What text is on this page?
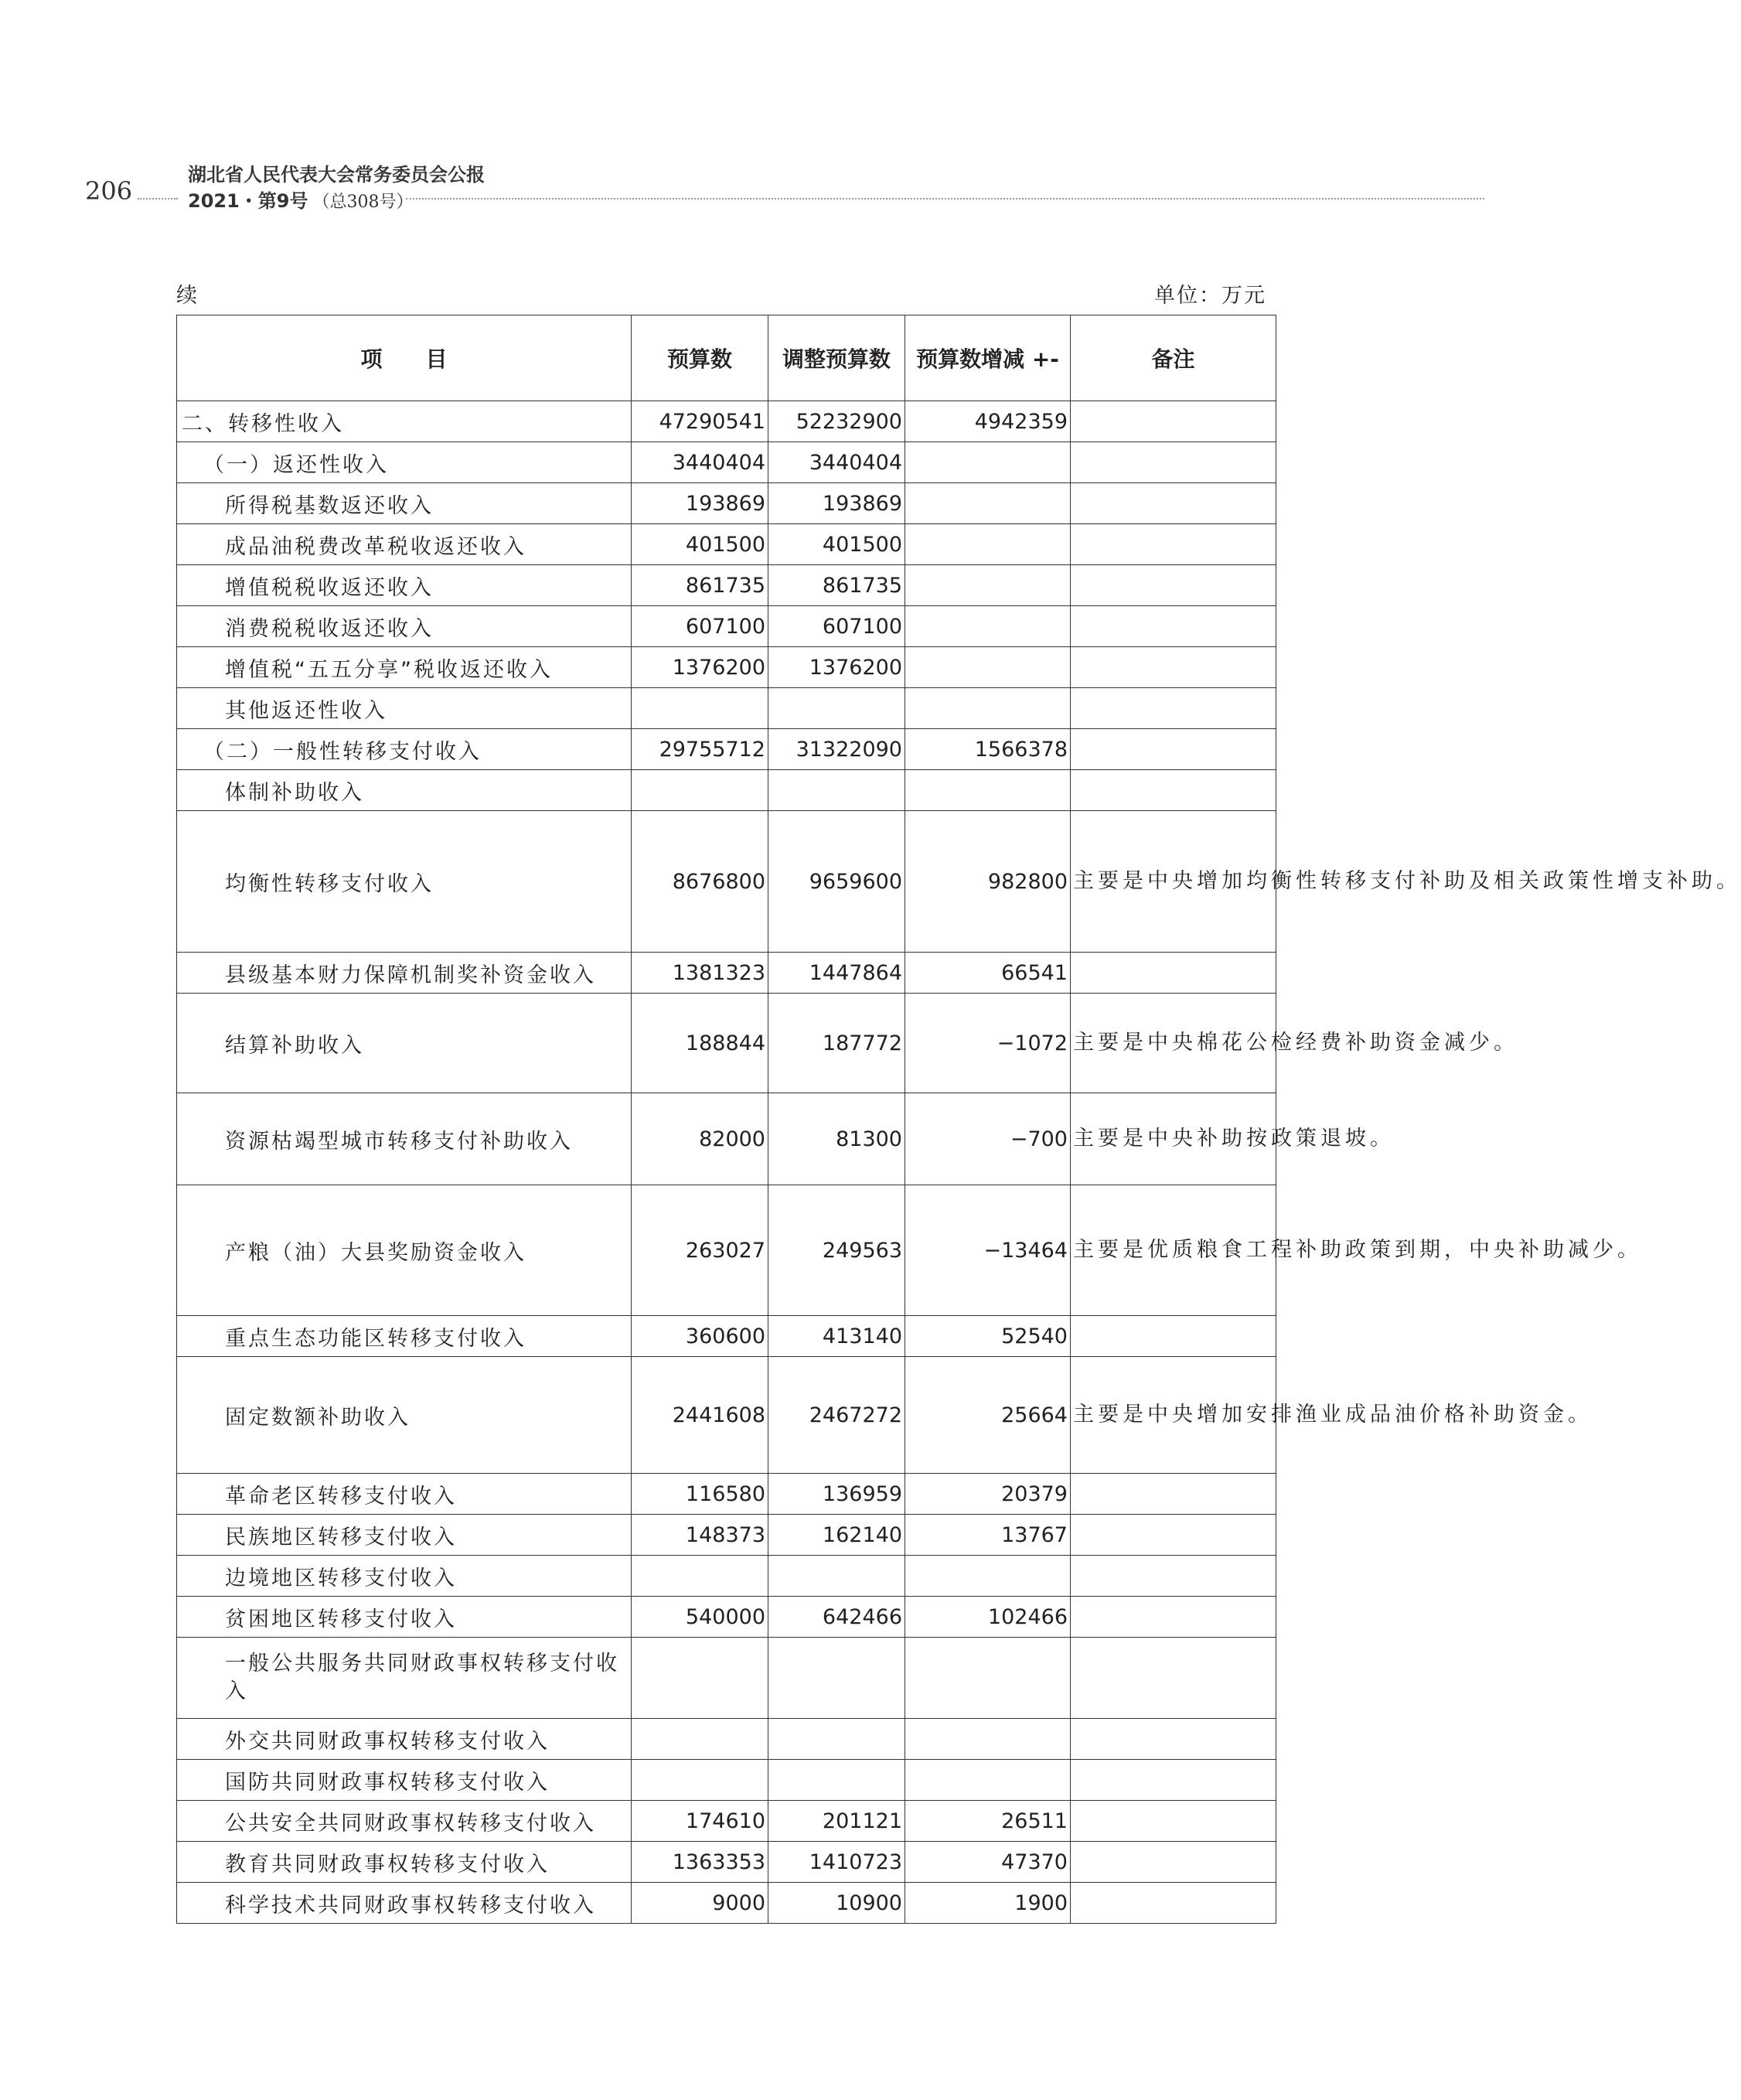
206
湖北省人民代表大会常务委员会公报
2021・第9号 （总308号）
续	单位：万元
项　　目	预算数	调整预算数	预算数增减 +-	备注
二、转移性收入	47290541	52232900	4942359	
（一）返还性收入	3440404	3440404		
所得税基数返还收入	193869	193869		
成品油税费改革税收返还收入	401500	401500		
增值税税收返还收入	861735	861735		
消费税税收返还收入	607100	607100		
增值税“五五分享”税收返还收入	1376200	1376200		
其他返还性收入				
（二）一般性转移支付收入	29755712	31322090	1566378	
体制补助收入				
均衡性转移支付收入	8676800	9659600	982800	主要是中央增加均衡性转移支付补助及相关政策性增支补助。
县级基本财力保障机制奖补资金收入	1381323	1447864	66541	
结算补助收入	188844	187772	−1072	主要是中央棉花公检经费补助资金减少。
资源枯竭型城市转移支付补助收入	82000	81300	−700	主要是中央补助按政策退坡。
产粮（油）大县奖励资金收入	263027	249563	−13464	主要是优质粮食工程补助政策到期，中央补助减少。
重点生态功能区转移支付收入	360600	413140	52540	
固定数额补助收入	2441608	2467272	25664	主要是中央增加安排渔业成品油价格补助资金。
革命老区转移支付收入	116580	136959	20379	
民族地区转移支付收入	148373	162140	13767	
边境地区转移支付收入				
贫困地区转移支付收入	540000	642466	102466	
一般公共服务共同财政事权转移支付收入				
外交共同财政事权转移支付收入				
国防共同财政事权转移支付收入				
公共安全共同财政事权转移支付收入	174610	201121	26511	
教育共同财政事权转移支付收入	1363353	1410723	47370	
科学技术共同财政事权转移支付收入	9000	10900	1900	
